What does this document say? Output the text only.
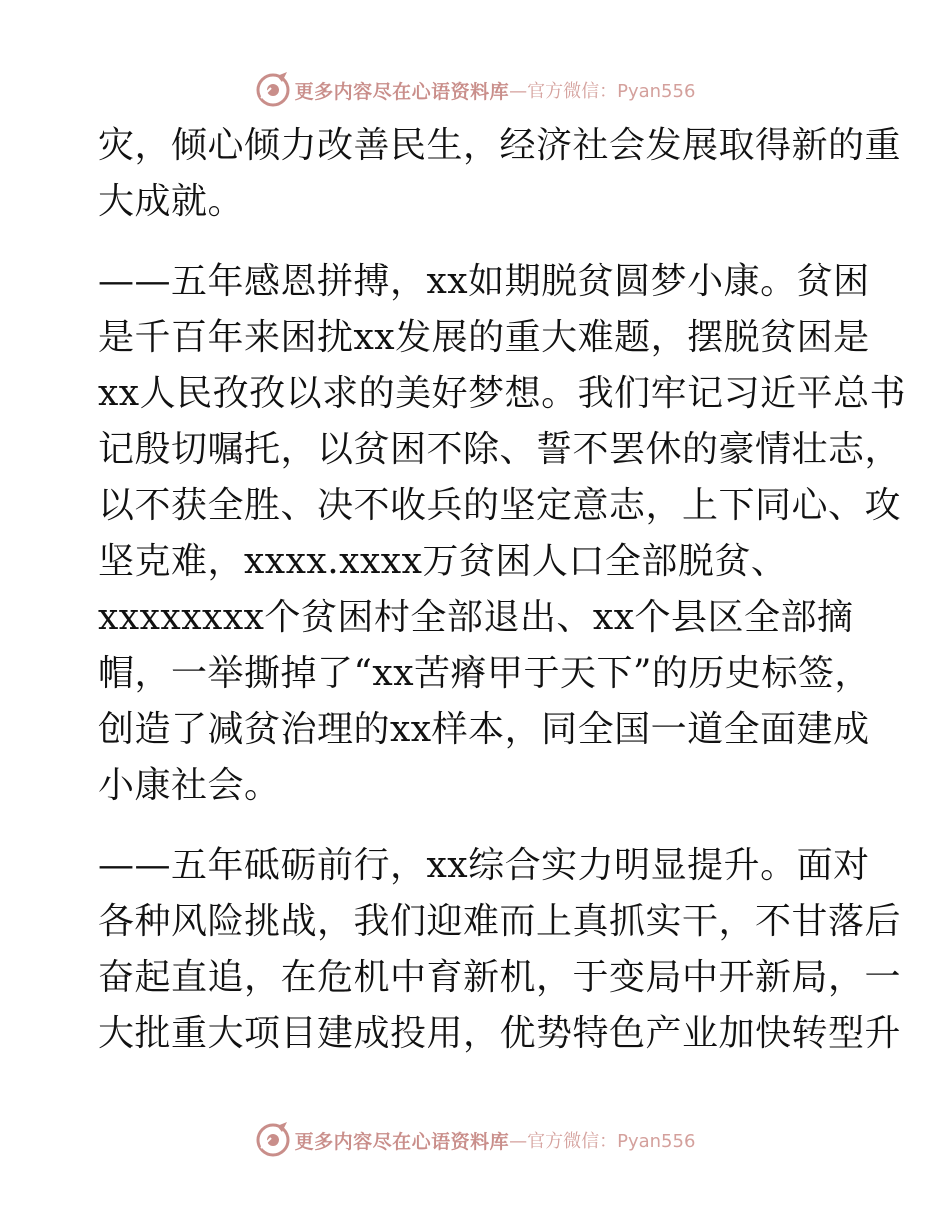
更多内容尽在心语资料库 —官方微信：Pyan556
灾，倾心倾力改善民生，经济社会发展取得新的重
大成就。
——五年感恩拼搏，xx如期脱贫圆梦小康。贫困
是千百年来困扰xx发展的重大难题，摆脱贫困是
xx人民孜孜以求的美好梦想。我们牢记习近平总书
记殷切嘱托，以贫困不除、誓不罢休的豪情壮志，
以不获全胜、决不收兵的坚定意志，上下同心、攻
坚克难，xxxx.xxxx万贫困人口全部脱贫、
xxxxxxxx个贫困村全部退出、xx个县区全部摘
帽，一举撕掉了“xx苦瘠甲于天下”的历史标签，
创造了减贫治理的xx样本，同全国一道全面建成
小康社会。
——五年砥砺前行，xx综合实力明显提升。面对
各种风险挑战，我们迎难而上真抓实干，不甘落后
奋起直追，在危机中育新机，于变局中开新局，一
大批重大项目建成投用，优势特色产业加快转型升
更多内容尽在心语资料库 —官方微信：Pyan556
